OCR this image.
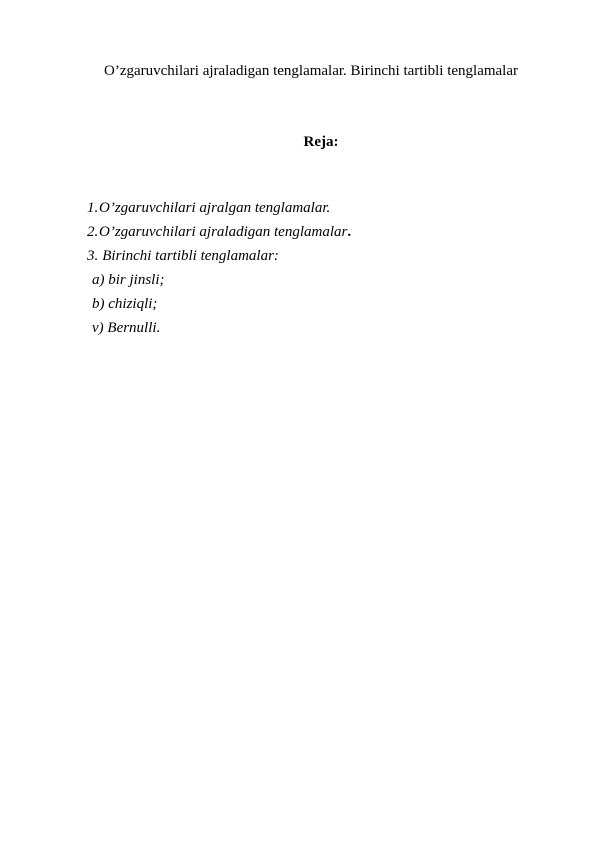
O’zgaruvchilari ajraladigan tenglamalar. Birinchi tartibli tenglamalar
Reja:
1.O’zgaruvchilari ajralgan tenglamalar.
2.O’zgaruvchilari ajraladigan tenglamalar.
3. Birinchi tartibli tenglamalar:
a) bir jinsli;
b) chiziqli;
v) Bernulli.
